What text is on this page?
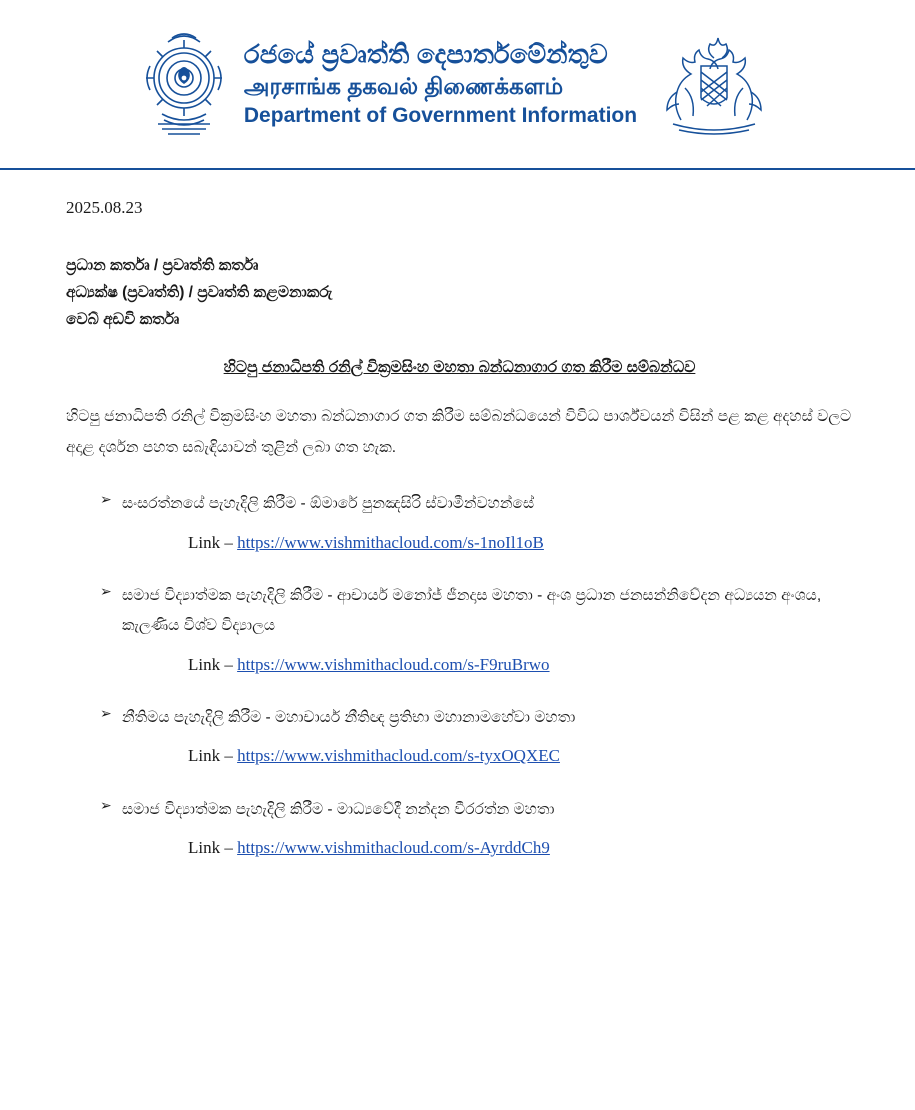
රජයේ ප්‍රවෘත්ති දෙපාර්තමේන්තුව
அரசாங்க தகவல் திணைக்களம்
Department of Government Information
2025.08.23
ප්‍රධාන කර්තෘ / ප්‍රවෘත්ති කර්තෘ
අධ්‍යක්ෂ (ප්‍රවෘත්ති) / ප්‍රවෘත්ති කළමනාකරු
වෙබ් අඩවි කර්තෘ
හිටපු ජනාධිපති රනිල් වික්‍රමසිංහ මහතා බන්ධනාගාර ගත කිරීම සම්බන්ධව

හිටපු ජනාධිපති රනිල් වික්‍රමසිංහ මහතා බන්ධනාගාර ගත කිරීම සම්බන්ධයෙන් විවිධ පාර්ශ්වයන් විසින් පළ කළ අදහස් වලට අදාළ දර්ශන පහත සබැඳියාවන් තුළින් ලබා ගත හැක.

➢ සංසරත්නයේ පැහැදිලි කිරීම - ඕමාරේ පුනඤසිරි ස්වාමීන්වහන්සේ
Link – https://www.vishmithacloud.com/s-1noIl1oB
➢ සමාජ විද්‍යාත්මක පැහැදිලි කිරීම - ආචාර්ය මනෝජ් ජීනදාස මහතා - අංශ ප්‍රධාන ජනසන්නිවේදන අධ්‍යයන අංශය, කැලණිය විශ්ව විද්‍යාලය
Link – https://www.vishmithacloud.com/s-F9ruBrwo
➢ නීතිමය පැහැදිලි කිරීම - මහාචාර්ය නීතිඥ ප්‍රතිභා මහානාමහේවා මහතා
Link – https://www.vishmithacloud.com/s-tyxOQXEC
➢ සමාජ විද්‍යාත්මක පැහැදිලි කිරීම - මාධ්‍යවේදී නන්දන වීරරත්න මහතා
Link – https://www.vishmithacloud.com/s-AyrddCh9
